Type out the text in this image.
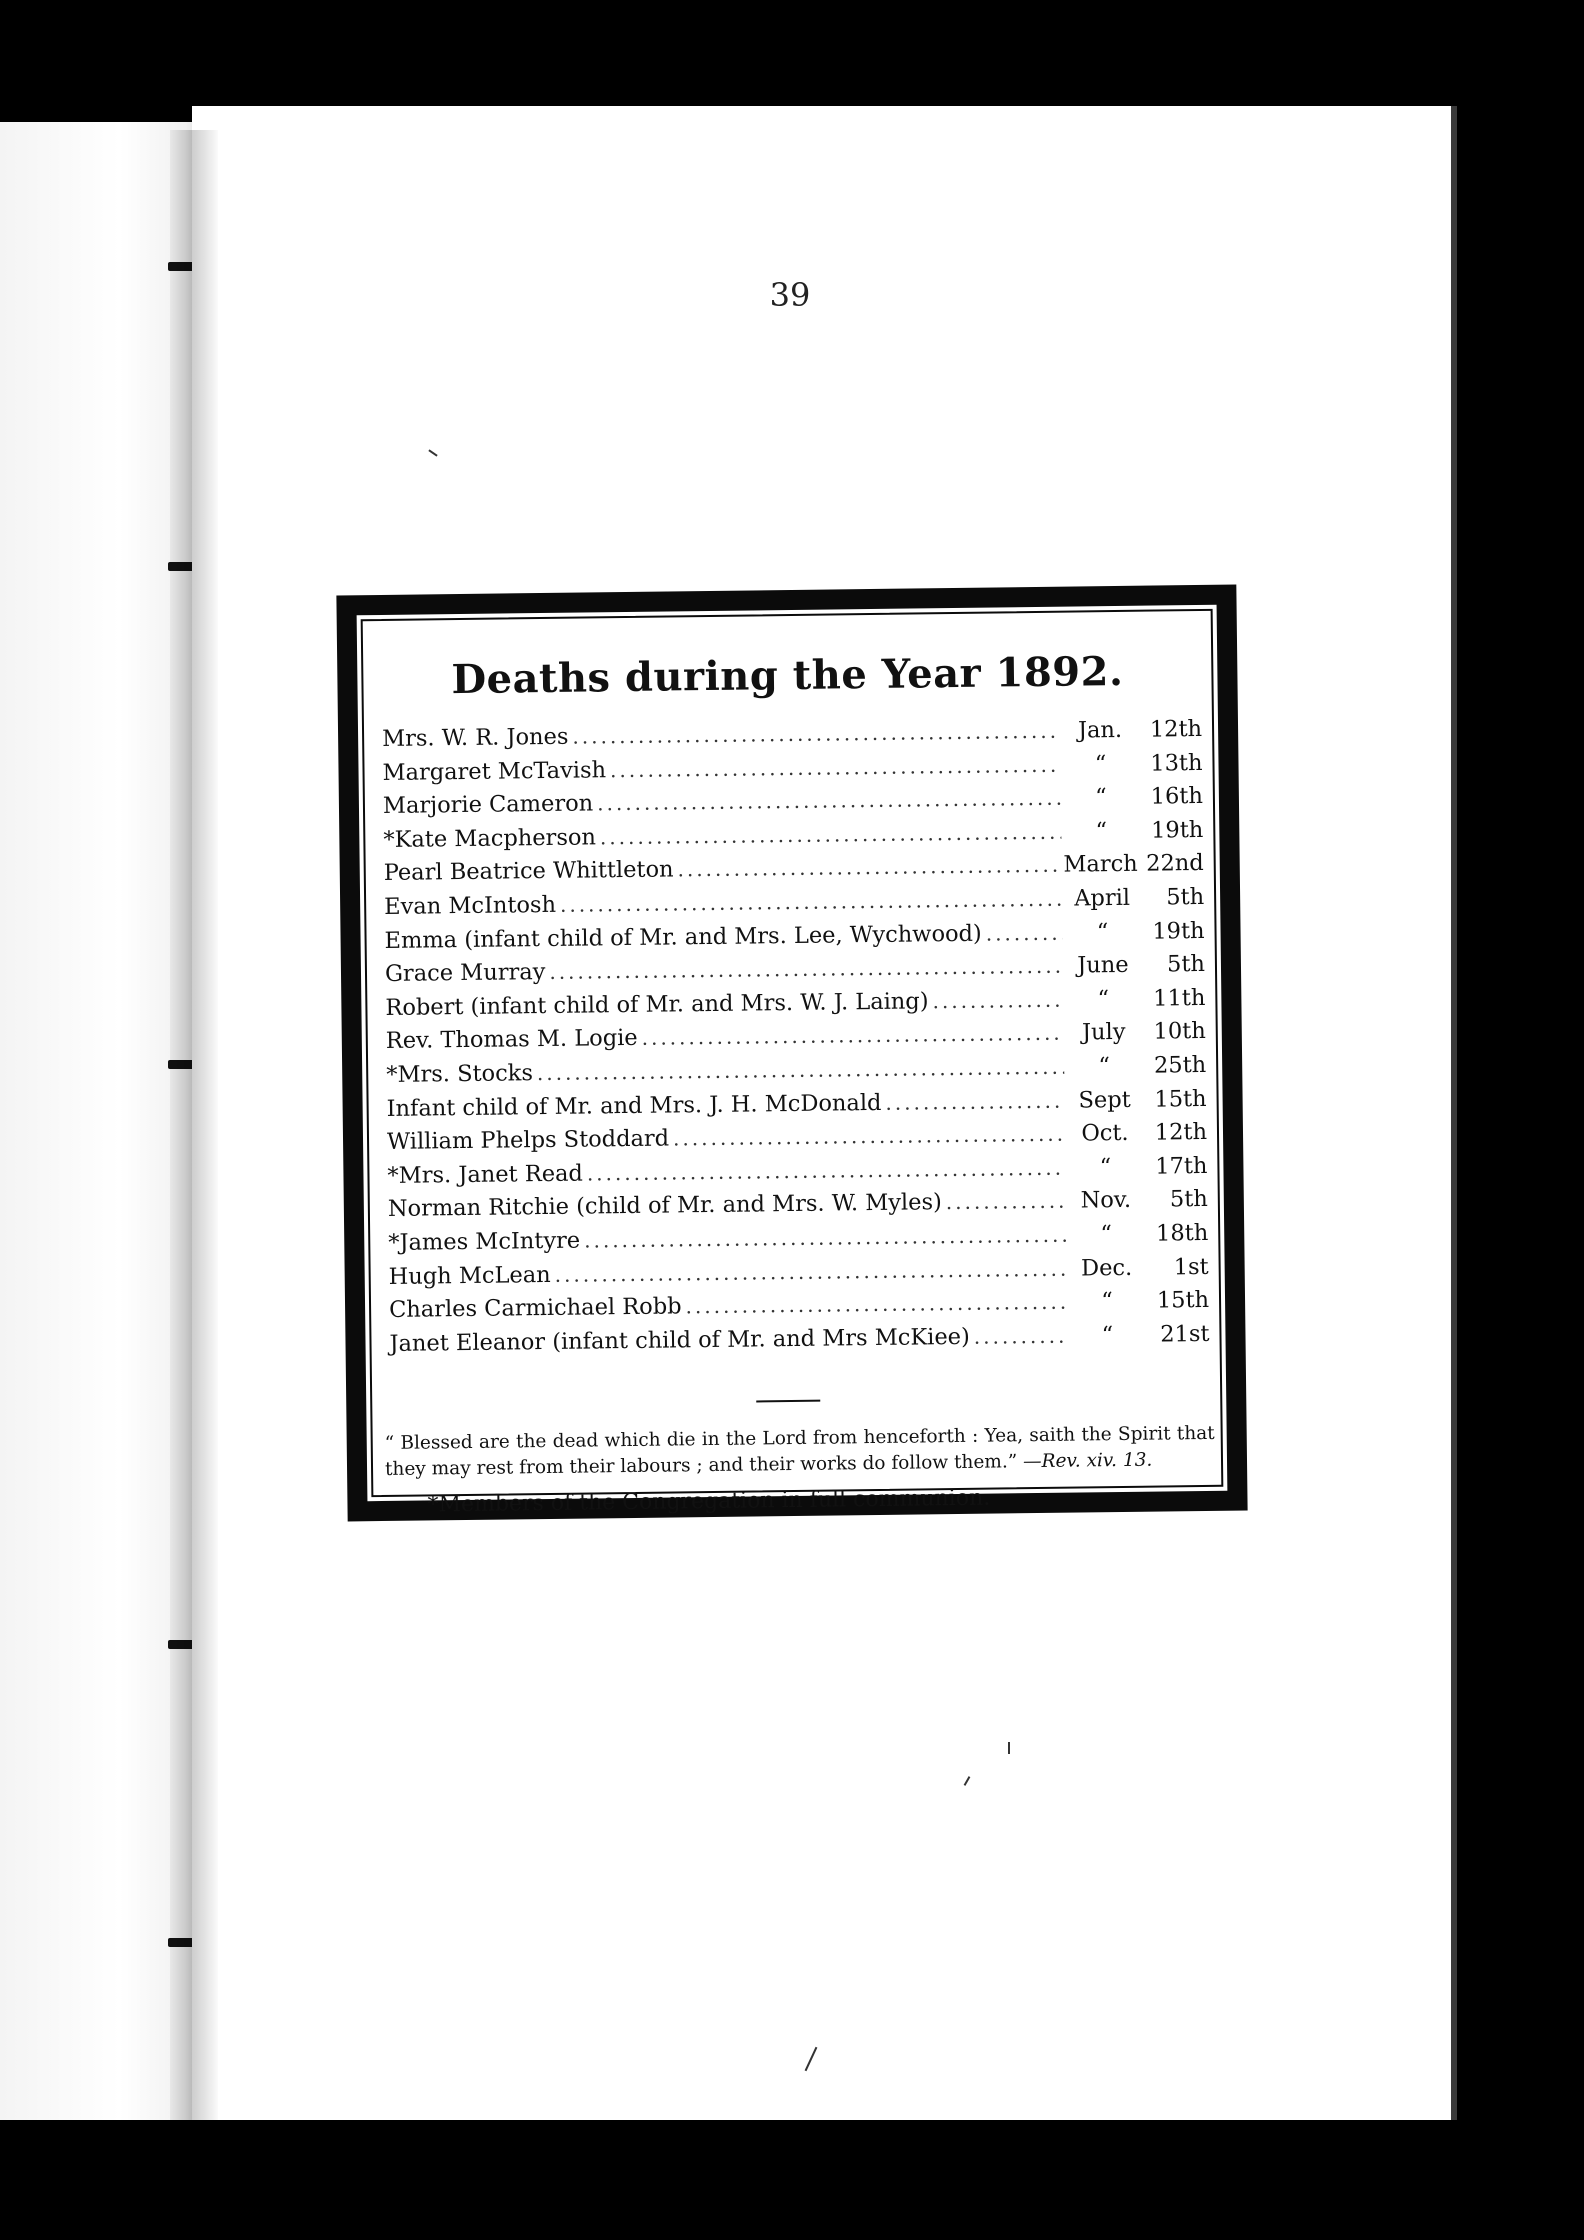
39
Deaths during the Year 1892.
Mrs. W. R. Jones .....	Jan.	12th
Margaret McTavish .....	“	13th
Marjorie Cameron .....	“	16th
*Kate Macpherson .....	“	19th
Pearl Beatrice Whittleton .....	March 22nd
Evan McIntosh .....	April	5th
Emma (infant child of Mr. and Mrs. Lee, Wychwood) .....	“	19th
Grace Murray .....	June	5th
Robert (infant child of Mr. and Mrs. W. J. Laing) .....	“	11th
Rev. Thomas M. Logie .....	July	10th
*Mrs. Stocks .....	“	25th
Infant child of Mr. and Mrs. J. H. McDonald .....	Sept	15th
William Phelps Stoddard .....	Oct.	12th
*Mrs. Janet Read .....	“	17th
Norman Ritchie (child of Mr. and Mrs. W. Myles) .....	Nov.	5th
*James McIntyre .....	“	18th
Hugh McLean .....	Dec.	1st
Charles Carmichael Robb .....	“	15th
Janet Eleanor (infant child of Mr. and Mrs McKiee) .....	“	21st
“ Blessed are the dead which die in the Lord from henceforth : Yea, saith the Spirit that they may rest from their labours ; and their works do follow them.” —Rev. xiv. 13.
*Members of the Congregation in full communion.
